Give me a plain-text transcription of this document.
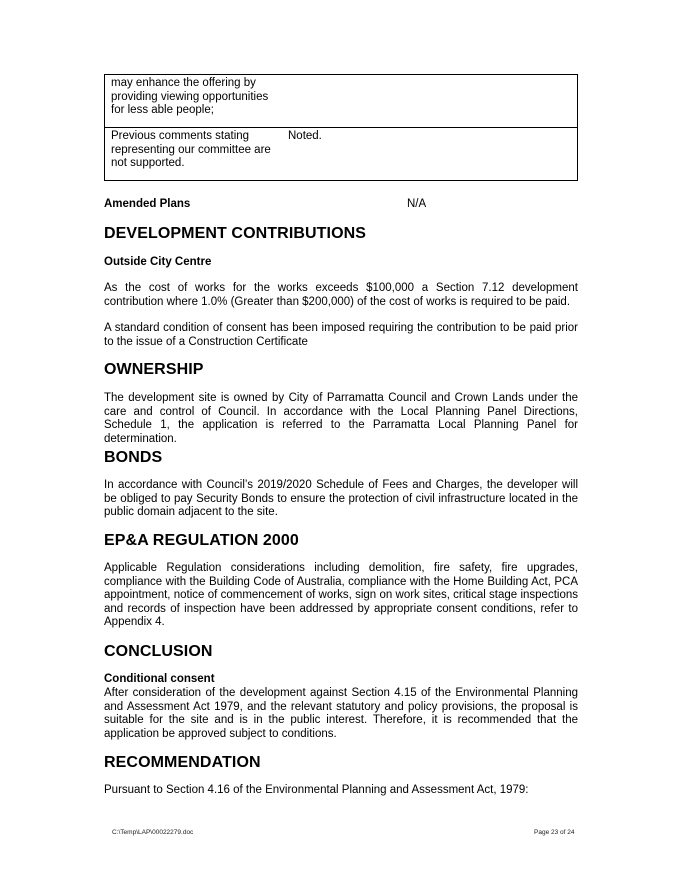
may enhance the offering by providing viewing opportunities for less able people;	
Previous comments stating representing our committee are not supported.	Noted.
Amended Plans	N/A
DEVELOPMENT CONTRIBUTIONS
Outside City Centre
As the cost of works for the works exceeds $100,000 a Section 7.12 development contribution where 1.0% (Greater than $200,000) of the cost of works is required to be paid.
A standard condition of consent has been imposed requiring the contribution to be paid prior to the issue of a Construction Certificate
OWNERSHIP
The development site is owned by City of Parramatta Council and Crown Lands under the care and control of Council. In accordance with the Local Planning Panel Directions, Schedule 1, the application is referred to the Parramatta Local Planning Panel for determination.
BONDS
In accordance with Council’s 2019/2020 Schedule of Fees and Charges, the developer will be obliged to pay Security Bonds to ensure the protection of civil infrastructure located in the public domain adjacent to the site.
EP&A REGULATION 2000
Applicable Regulation considerations including demolition, fire safety, fire upgrades, compliance with the Building Code of Australia, compliance with the Home Building Act, PCA appointment, notice of commencement of works, sign on work sites, critical stage inspections and records of inspection have been addressed by appropriate consent conditions, refer to Appendix 4.
CONCLUSION
Conditional consent
After consideration of the development against Section 4.15 of the Environmental Planning and Assessment Act 1979, and the relevant statutory and policy provisions, the proposal is suitable for the site and is in the public interest. Therefore, it is recommended that the application be approved subject to conditions.
RECOMMENDATION
Pursuant to Section 4.16 of the Environmental Planning and Assessment Act, 1979:
C:\Temp\LAP\00022279.doc	Page 23 of 24
